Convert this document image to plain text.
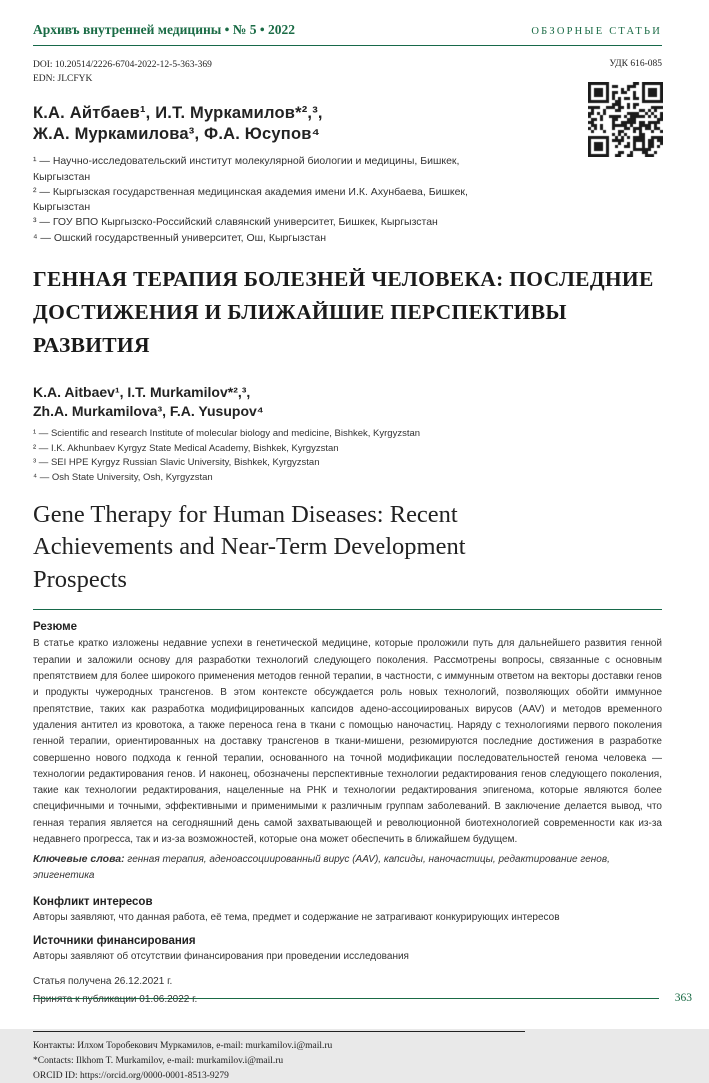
Архивъ внутренней медицины • № 5 • 2022	ОБЗОРНЫЕ СТАТЬИ
DOI: 10.20514/2226-6704-2022-12-5-363-369
EDN: JLCFYK
УДК 616-085
К.А. Айтбаев¹, И.Т. Муркамилов*²,³,
Ж.А. Муркамилова³, Ф.А. Юсупов⁴
¹ — Научно-исследовательский институт молекулярной биологии и медицины, Бишкек, Кыргызстан
² — Кыргызская государственная медицинская академия имени И.К. Ахунбаева, Бишкек, Кыргызстан
³ — ГОУ ВПО Кыргызско-Российский славянский университет, Бишкек, Кыргызстан
⁴ — Ошский государственный университет, Ош, Кыргызстан
ГЕННАЯ ТЕРАПИЯ БОЛЕЗНЕЙ ЧЕЛОВЕКА: ПОСЛЕДНИЕ ДОСТИЖЕНИЯ И БЛИЖАЙШИЕ ПЕРСПЕКТИВЫ РАЗВИТИЯ
K.A. Aitbaev¹, I.T. Murkamilov*²,³,
Zh.A. Murkamilova³, F.A. Yusupov⁴
¹ — Scientific and research Institute of molecular biology and medicine, Bishkek, Kyrgyzstan
² — I.K. Akhunbaev Kyrgyz State Medical Academy, Bishkek, Kyrgyzstan
³ — SEI HPE Kyrgyz Russian Slavic University, Bishkek, Kyrgyzstan
⁴ — Osh State University, Osh, Kyrgyzstan
Gene Therapy for Human Diseases: Recent Achievements and Near-Term Development Prospects
Резюме

В статье кратко изложены недавние успехи в генетической медицине, которые проложили путь для дальнейшего развития генной терапии и заложили основу для разработки технологий следующего поколения. Рассмотрены вопросы, связанные с основным препятствием для более широкого применения методов генной терапии, в частности, с иммунным ответом на векторы доставки генов и продукты чужеродных трансгенов. В этом контексте обсуждается роль новых технологий, позволяющих обойти иммунное препятствие, таких как разработка модифицированных капсидов адено-ассоциированых вирусов (AAV) и методов временного удаления антител из кровотока, а также переноса гена в ткани с помощью наночастиц. Наряду с технологиями первого поколения генной терапии, ориентированных на доставку трансгенов в ткани-мишени, резюмируются последние достижения в разработке совершенно нового подхода к генной терапии, основанного на точной модификации последовательностей генома человека — технологии редактирования генов. И наконец, обозначены перспективные технологии редактирования генов следующего поколения, такие как технологии редактирования, нацеленные на РНК и технологии редактирования эпигенома, которые являются более специфичными и точными, эффективными и применимыми к различным группам заболеваний. В заключение делается вывод, что генная терапия является на сегодняшний день самой захватывающей и революционной биотехнологией современности как из-за недавнего прогресса, так и из-за возможностей, которые она может обеспечить в ближайшем будущем.

Ключевые слова: генная терапия, аденоассоциированный вирус (AAV), капсиды, наночастицы, редактирование генов, эпигенетика

Конфликт интересов
Авторы заявляют, что данная работа, её тема, предмет и содержание не затрагивают конкурирующих интересов
Источники финансирования
Авторы заявляют об отсутствии финансирования при проведении исследования
Статья получена 26.12.2021 г.
Принята к публикации 01.06.2022 г.
Контакты: Илхом Торобекович Муркамилов, e-mail: murkamilov.i@mail.ru
*Contacts: Ilkhom T. Murkamilov, e-mail: murkamilov.i@mail.ru
ORCID ID: https://orcid.org/0000-0001-8513-9279
363
